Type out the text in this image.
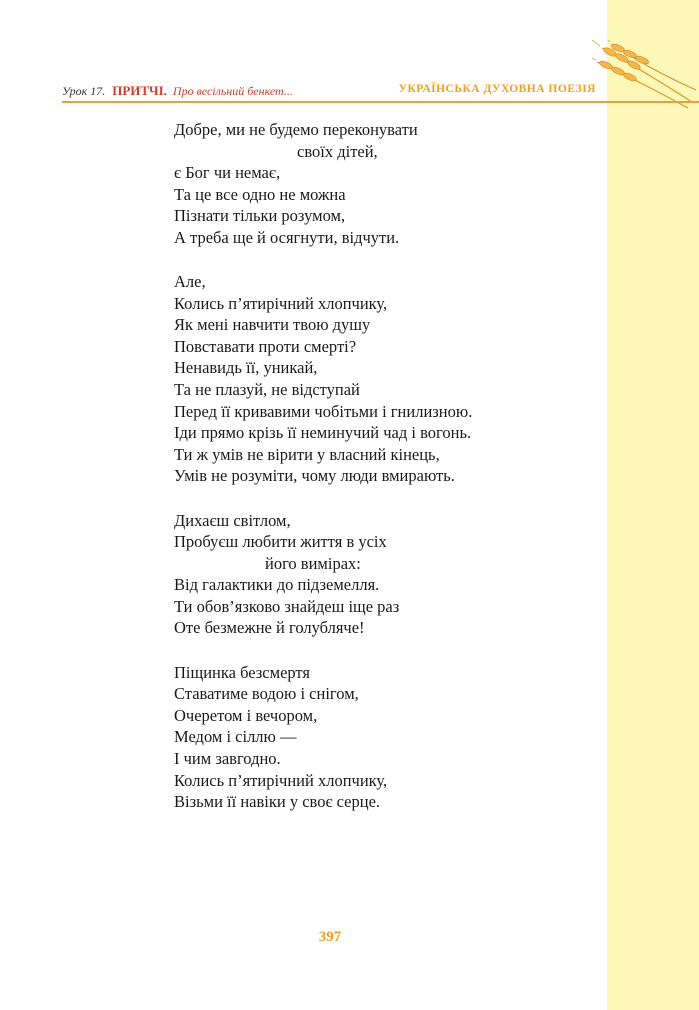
Урок 17. ПРИТЧІ. Про весільний бенкет...	УКРАЇНСЬКА ДУХОВНА ПОЕЗІЯ
Добре, ми не будемо переконувати
своїх дітей,
є Бог чи немає,
Та це все одно не можна
Пізнати тільки розумом,
А треба ще й осягнути, відчути.
Але,
Колись п’ятирічний хлопчику,
Як мені навчити твою душу
Повставати проти смерті?
Ненавидь її, уникай,
Та не плазуй, не відступай
Перед її кривавими чобітьми і гнилизною.
Іди прямо крізь її неминучий чад і вогонь.
Ти ж умів не вірити у власний кінець,
Умів не розуміти, чому люди вмирають.
Дихаєш світлом,
Пробуєш любити життя в усіх
його вимірах:
Від галактики до підземелля.
Ти обов’язково знайдеш іще раз
Оте безмежне й голубляче!
Піщинка безсмертя
Ставатиме водою і снігом,
Очеретом і вечором,
Медом і сіллю —
І чим завгодно.
Колись п’ятирічний хлопчику,
Візьми її навіки у своє серце.
397
